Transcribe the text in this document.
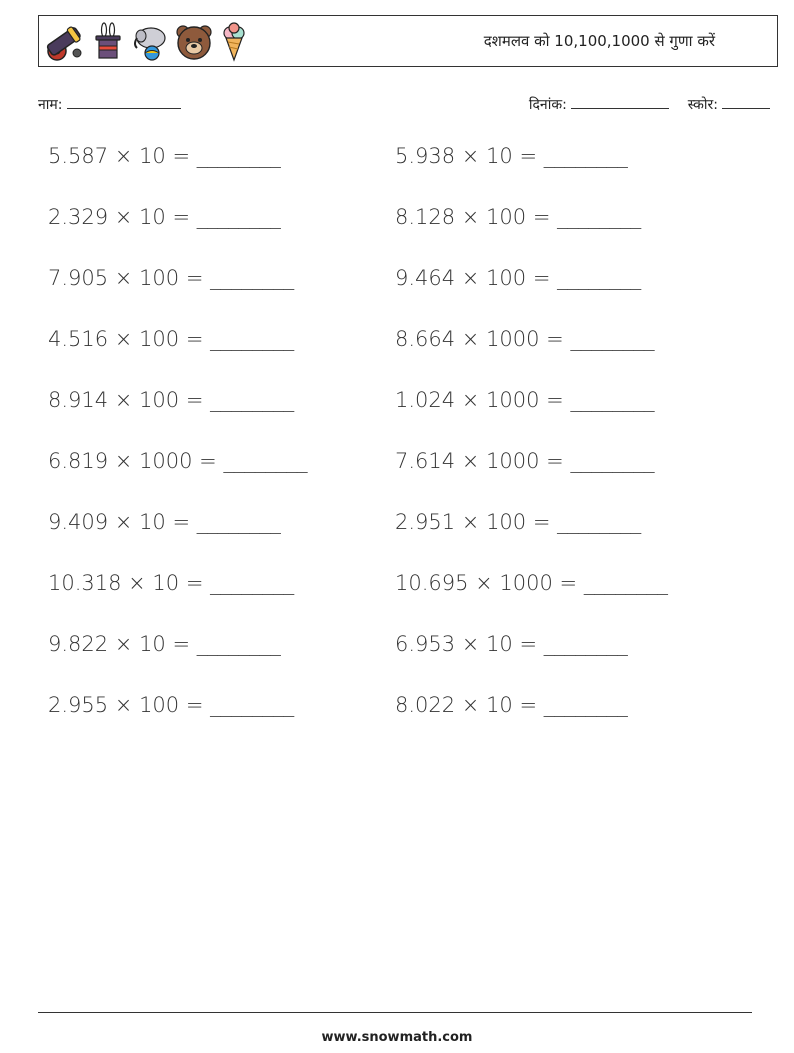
दशमलव को 10,100,1000 से गुणा करें
नाम:	दिनांक:	स्कोर:
5.587 × 10 = ________	5.938 × 10 = ________
2.329 × 10 = ________	8.128 × 100 = ________
7.905 × 100 = ________	9.464 × 100 = ________
4.516 × 100 = ________	8.664 × 1000 = ________
8.914 × 100 = ________	1.024 × 1000 = ________
6.819 × 1000 = ________	7.614 × 1000 = ________
9.409 × 10 = ________	2.951 × 100 = ________
10.318 × 10 = ________	10.695 × 1000 = ________
9.822 × 10 = ________	6.953 × 10 = ________
2.955 × 100 = ________	8.022 × 10 = ________
www.snowmath.com
